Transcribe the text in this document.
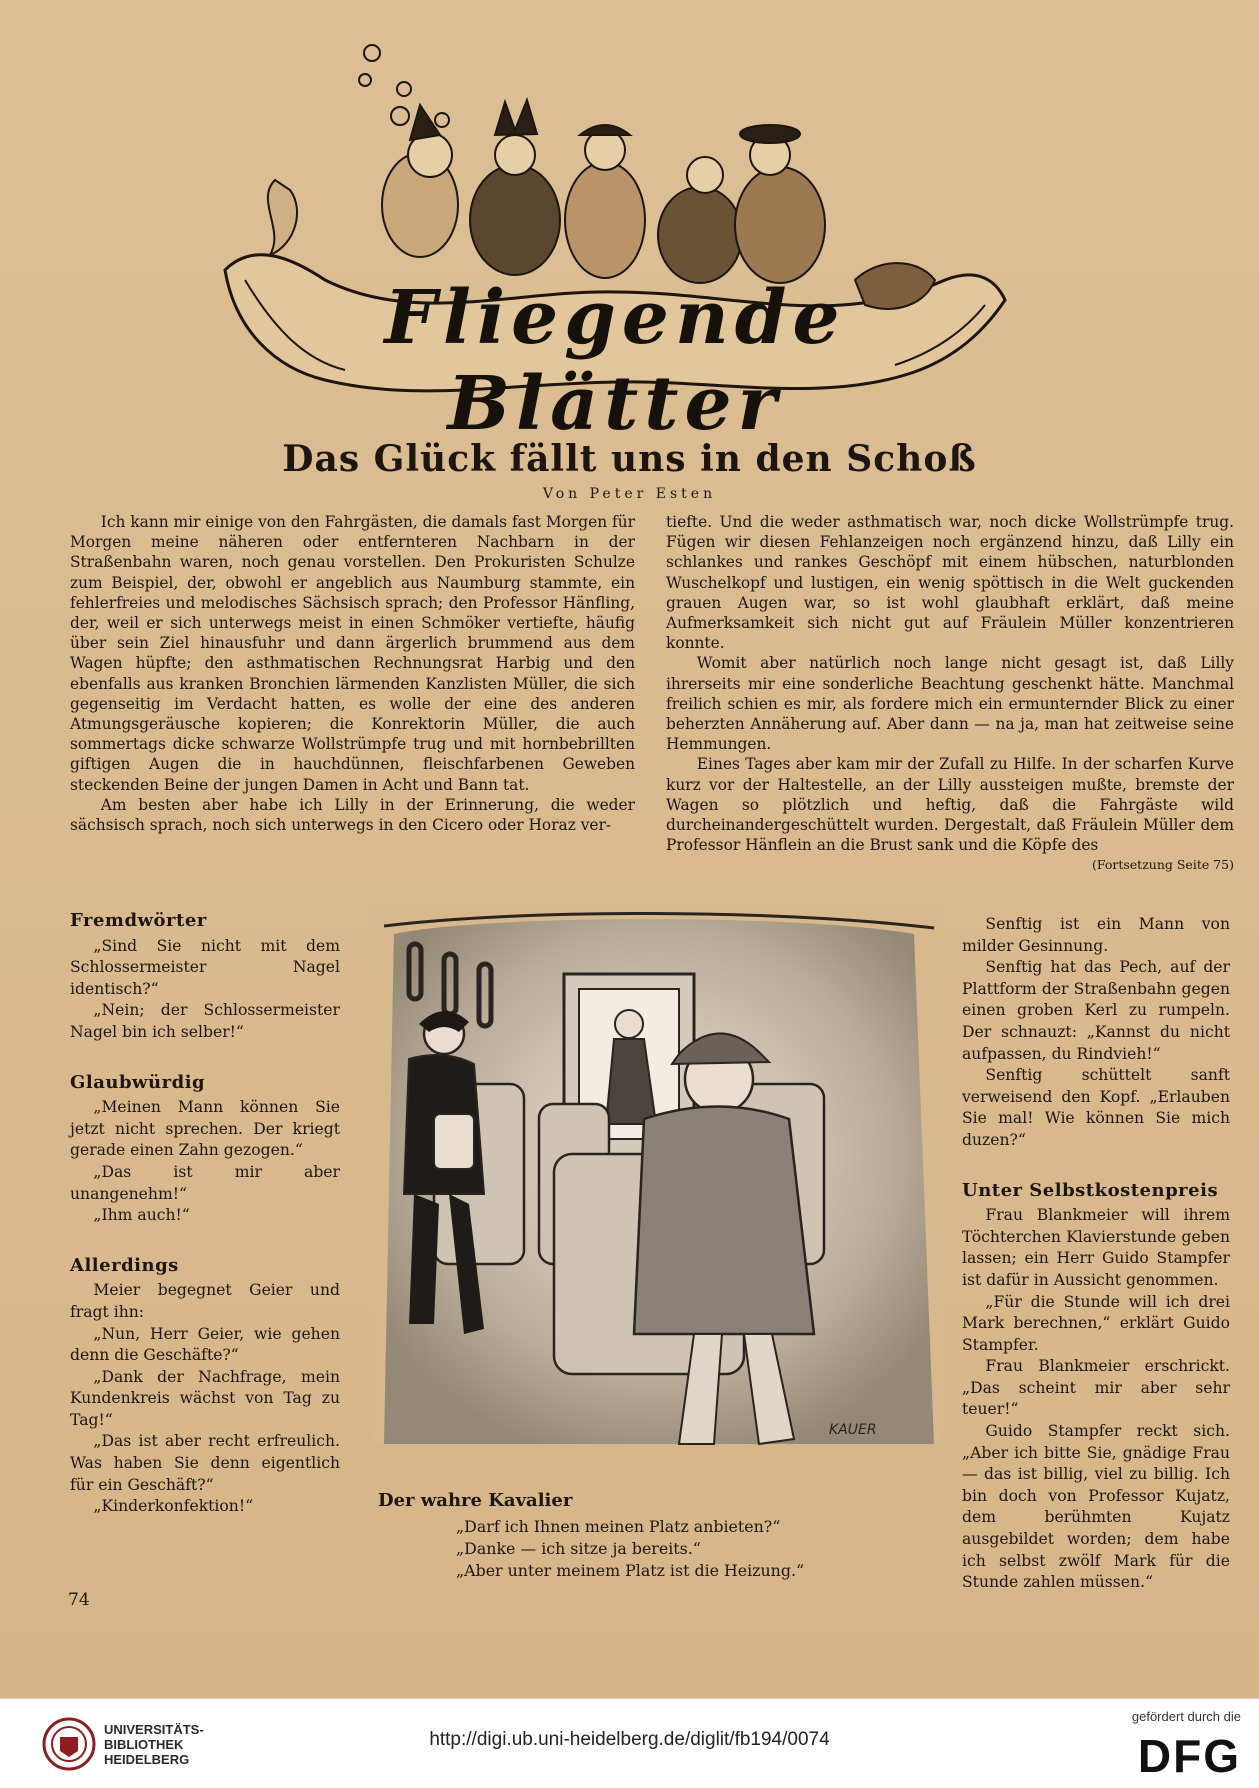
Fliegende Blätter
Das Glück fällt uns in den Schoß
Von Peter Esten

Ich kann mir einige von den Fahrgästen, die damals fast Morgen für Morgen meine näheren oder entfernteren Nachbarn in der Straßenbahn waren, noch genau vorstellen. Den Prokuristen Schulze zum Beispiel, der, obwohl er angeblich aus Naumburg stammte, ein fehlerfreies und melodisches Sächsisch sprach; den Professor Hänfling, der, weil er sich unterwegs meist in einen Schmöker vertiefte, häufig über sein Ziel hinausfuhr und dann ärgerlich brummend aus dem Wagen hüpfte; den asthmatischen Rechnungsrat Harbig und den ebenfalls aus kranken Bronchien lärmenden Kanzlisten Müller, die sich gegenseitig im Verdacht hatten, es wolle der eine des anderen Atmungsgeräusche kopieren; die Konrektorin Müller, die auch sommertags dicke schwarze Wollstrümpfe trug und mit hornbebrillten giftigen Augen die in hauchdünnen, fleischfarbenen Geweben steckenden Beine der jungen Damen in Acht und Bann tat.

Am besten aber habe ich Lilly in der Erinnerung, die weder sächsisch sprach, noch sich unterwegs in den Cicero oder Horaz ver-

tiefte. Und die weder asthmatisch war, noch dicke Wollstrümpfe trug. Fügen wir diesen Fehlanzeigen noch ergänzend hinzu, daß Lilly ein schlankes und rankes Geschöpf mit einem hübschen, naturblonden Wuschelkopf und lustigen, ein wenig spöttisch in die Welt guckenden grauen Augen war, so ist wohl glaubhaft erklärt, daß meine Aufmerksamkeit sich nicht gut auf Fräulein Müller konzentrieren konnte.

Womit aber natürlich noch lange nicht gesagt ist, daß Lilly ihrerseits mir eine sonderliche Beachtung geschenkt hätte. Manchmal freilich schien es mir, als fordere mich ein ermunternder Blick zu einer beherzten Annäherung auf. Aber dann — na ja, man hat zeitweise seine Hemmungen.

Eines Tages aber kam mir der Zufall zu Hilfe. In der scharfen Kurve kurz vor der Haltestelle, an der Lilly aussteigen mußte, bremste der Wagen so plötzlich und heftig, daß die Fahrgäste wild durcheinandergeschüttelt wurden. Dergestalt, daß Fräulein Müller dem Professor Hänflein an die Brust sank und die Köpfe des

(Fortsetzung Seite 75)
Fremdwörter

„Sind Sie nicht mit dem Schlossermeister Nagel identisch?“

„Nein; der Schlossermeister Nagel bin ich selber!“

Glaubwürdig

„Meinen Mann können Sie jetzt nicht sprechen. Der kriegt gerade einen Zahn gezogen.“

„Das ist mir aber unangenehm!“

„Ihm auch!“

Allerdings

Meier begegnet Geier und fragt ihn:

„Nun, Herr Geier, wie gehen denn die Geschäfte?“

„Dank der Nachfrage, mein Kundenkreis wächst von Tag zu Tag!“

„Das ist aber recht erfreulich. Was haben Sie denn eigentlich für ein Geschäft?“

„Kinderkonfektion!“

KAUER
Der wahre Kavalier

„Darf ich Ihnen meinen Platz anbieten?“

„Danke — ich sitze ja bereits.“

„Aber unter meinem Platz ist die Heizung.“

Senftig ist ein Mann von milder Gesinnung.

Senftig hat das Pech, auf der Plattform der Straßenbahn gegen einen groben Kerl zu rumpeln. Der schnauzt: „Kannst du nicht aufpassen, du Rindvieh!“

Senftig schüttelt sanft verweisend den Kopf. „Erlauben Sie mal! Wie können Sie mich duzen?“

Unter Selbstkostenpreis

Frau Blankmeier will ihrem Töchterchen Klavierstunde geben lassen; ein Herr Guido Stampfer ist dafür in Aussicht genommen.

„Für die Stunde will ich drei Mark berechnen,“ erklärt Guido Stampfer.

Frau Blankmeier erschrickt. „Das scheint mir aber sehr teuer!“

Guido Stampfer reckt sich. „Aber ich bitte Sie, gnädige Frau — das ist billig, viel zu billig. Ich bin doch von Professor Kujatz, dem berühmten Kujatz ausgebildet worden; dem habe ich selbst zwölf Mark für die Stunde zahlen müssen.“

74
UNIVERSITÄTS-
BIBLIOTHEK
HEIDELBERG
http://digi.ub.uni-heidelberg.de/diglit/fb194/0074
gefördert durch die
DFG
